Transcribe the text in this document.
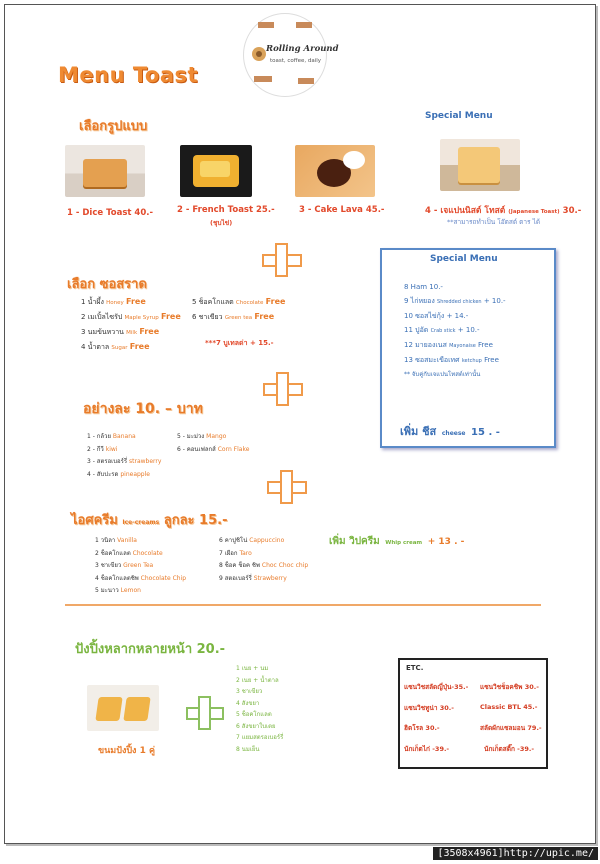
Rolling Around
toast, coffee, daily
Menu Toast
เลือกรูปแบบ
Special Menu
1 - Dice Toast 40.-	2 - French Toast 25.-
(ชุบไข่)
3 - Cake Lava 45.-	4 - เจแปนนิสต์ โทสต์ (Japanese Toast) 30.-
**สามารถทำเป็น โอ๊ตสต์ ตาร ได้
เลือก ซอสราด
1 น้ำผึ้ง Honey Free
2 เมเปิ้ลไซรัป Maple Syrup Free
3 นมข้นหวาน Milk Free
4 น้ำตาล Sugar Free
5 ช็อคโกแลต Chocolate Free
6 ชาเขียว Green tea Free
***7 บูเทลด่า + 15.-
Special Menu
8 Ham 10.-
9 ไก่หยอง Shredded chicken + 10.-
10 ซอสไข่กุ้ง + 14.-
11 ปูอัด Crab stick + 10.-
12 มายองเนส Mayonaise Free
13 ซอสมะเขือเทศ ketchup Free
** จับคู่กับเจแปนโทสต์เท่านั้น
เพิ่ม ชีส cheese 15 . -
อย่างละ 10. – บาท
1 - กล้วย Banana
2 - กีวี kiwi
3 - สตรอเบอร์รี่ strawberry
4 - สับปะรด pineapple
5 - มะม่วง Mango
6 - คอนเฟลกส์ Corn Flake
ไอศครีม Ice-creams ลูกละ 15.-
1 วนิลา Vanilla
2 ช็อคโกแลต Chocolate
3 ชาเขียว Green Tea
4 ช็อคโกแลตชิพ Chocolate Chip
5 มะนาว Lemon
6 คาปูชิโน่ Cappuccino
7 เผือก Taro
8 ช็อค ช็อค ชิพ Choc Choc chip
9 สตอเบอร์รี่ Strawberry
เพิ่ม วิปครีม Whip cream + 13 . -
ปังปิ้งหลากหลายหน้า 20.-
ขนมปังปิ้ง 1 คู่
1 เนย + นม
2 เนย + น้ำตาล
3 ชาเขียว
4 สังขยา
5 ช็อคโกแลต
6 สังขยาใบเตย
7 แยมสตรอเบอร์รี่
8 นมเย็น
ETC.
แซนวิชสลัดญี่ปุ่น-35.- แซนวิชช็อคชิพ 30.-
แซนวิชทูน่า 30.-	Classic BTL 45.-
ฮิตโรล 30.-	สลัดผักแซลมอน 79.-
นักเก็ตไก่ -39.-	นักเก็ตสติ๊ก -39.-
[3508x4961]http://upic.me/
